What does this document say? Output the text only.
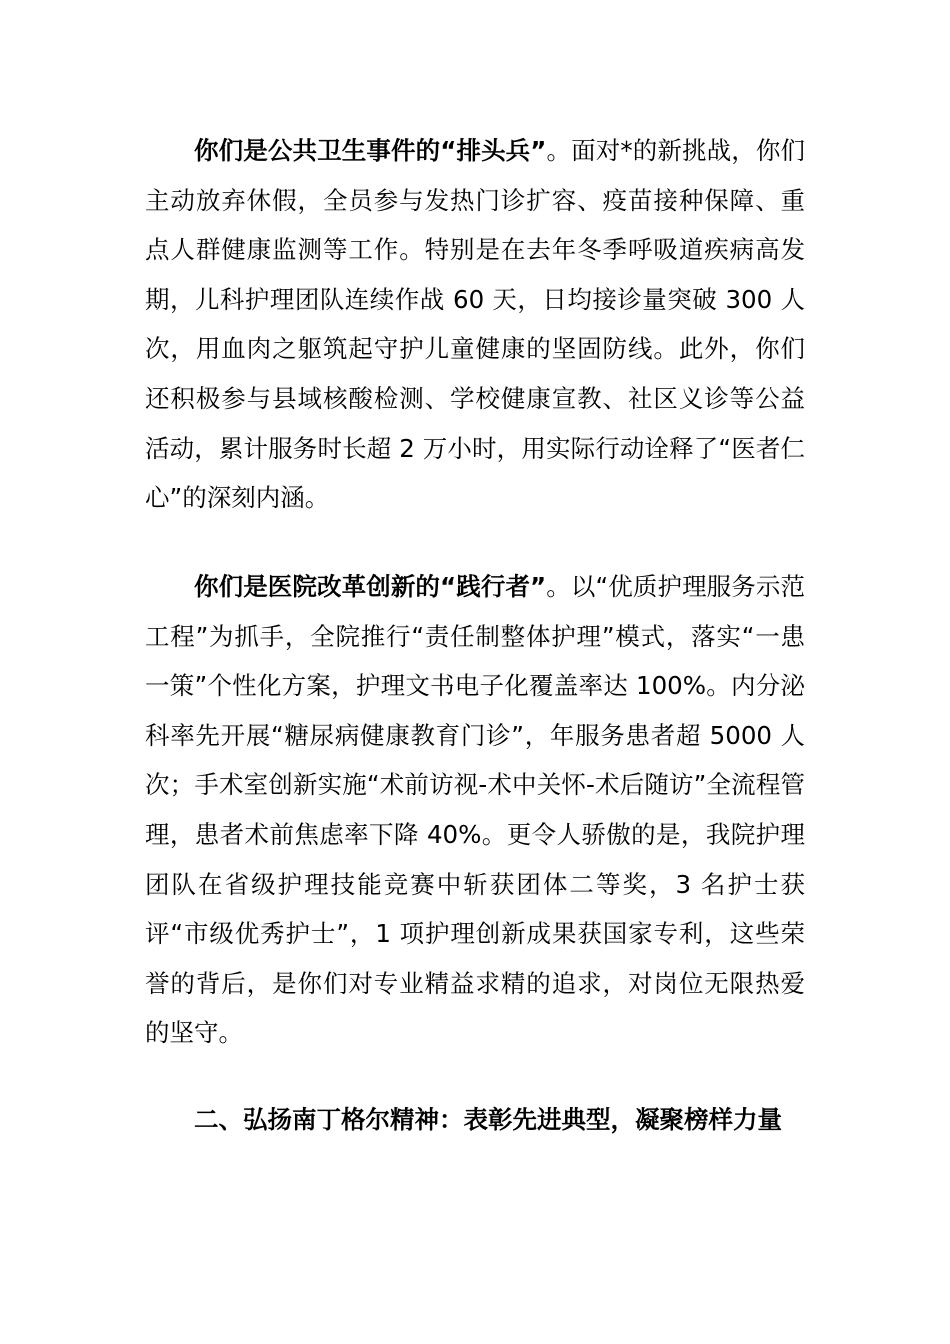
你们是公共卫生事件的“排头兵”。面对*的新挑战，你们主动放弃休假，全员参与发热门诊扩容、疫苗接种保障、重点人群健康监测等工作。特别是在去年冬季呼吸道疾病高发期，儿科护理团队连续作战 60 天，日均接诊量突破 300 人次，用血肉之躯筑起守护儿童健康的坚固防线。此外，你们还积极参与县域核酸检测、学校健康宣教、社区义诊等公益活动，累计服务时长超 2 万小时，用实际行动诠释了“医者仁心”的深刻内涵。

你们是医院改革创新的“践行者”。以“优质护理服务示范工程”为抓手，全院推行“责任制整体护理”模式，落实“一患一策”个性化方案，护理文书电子化覆盖率达 100%。内分泌科率先开展“糖尿病健康教育门诊”，年服务患者超 5000 人次；手术室创新实施“术前访视-术中关怀-术后随访”全流程管理，患者术前焦虑率下降 40%。更令人骄傲的是，我院护理团队在省级护理技能竞赛中斩获团体二等奖，3 名护士获评“市级优秀护士”，1 项护理创新成果获国家专利，这些荣誉的背后，是你们对专业精益求精的追求，对岗位无限热爱的坚守。

二、弘扬南丁格尔精神：表彰先进典型，凝聚榜样力量
